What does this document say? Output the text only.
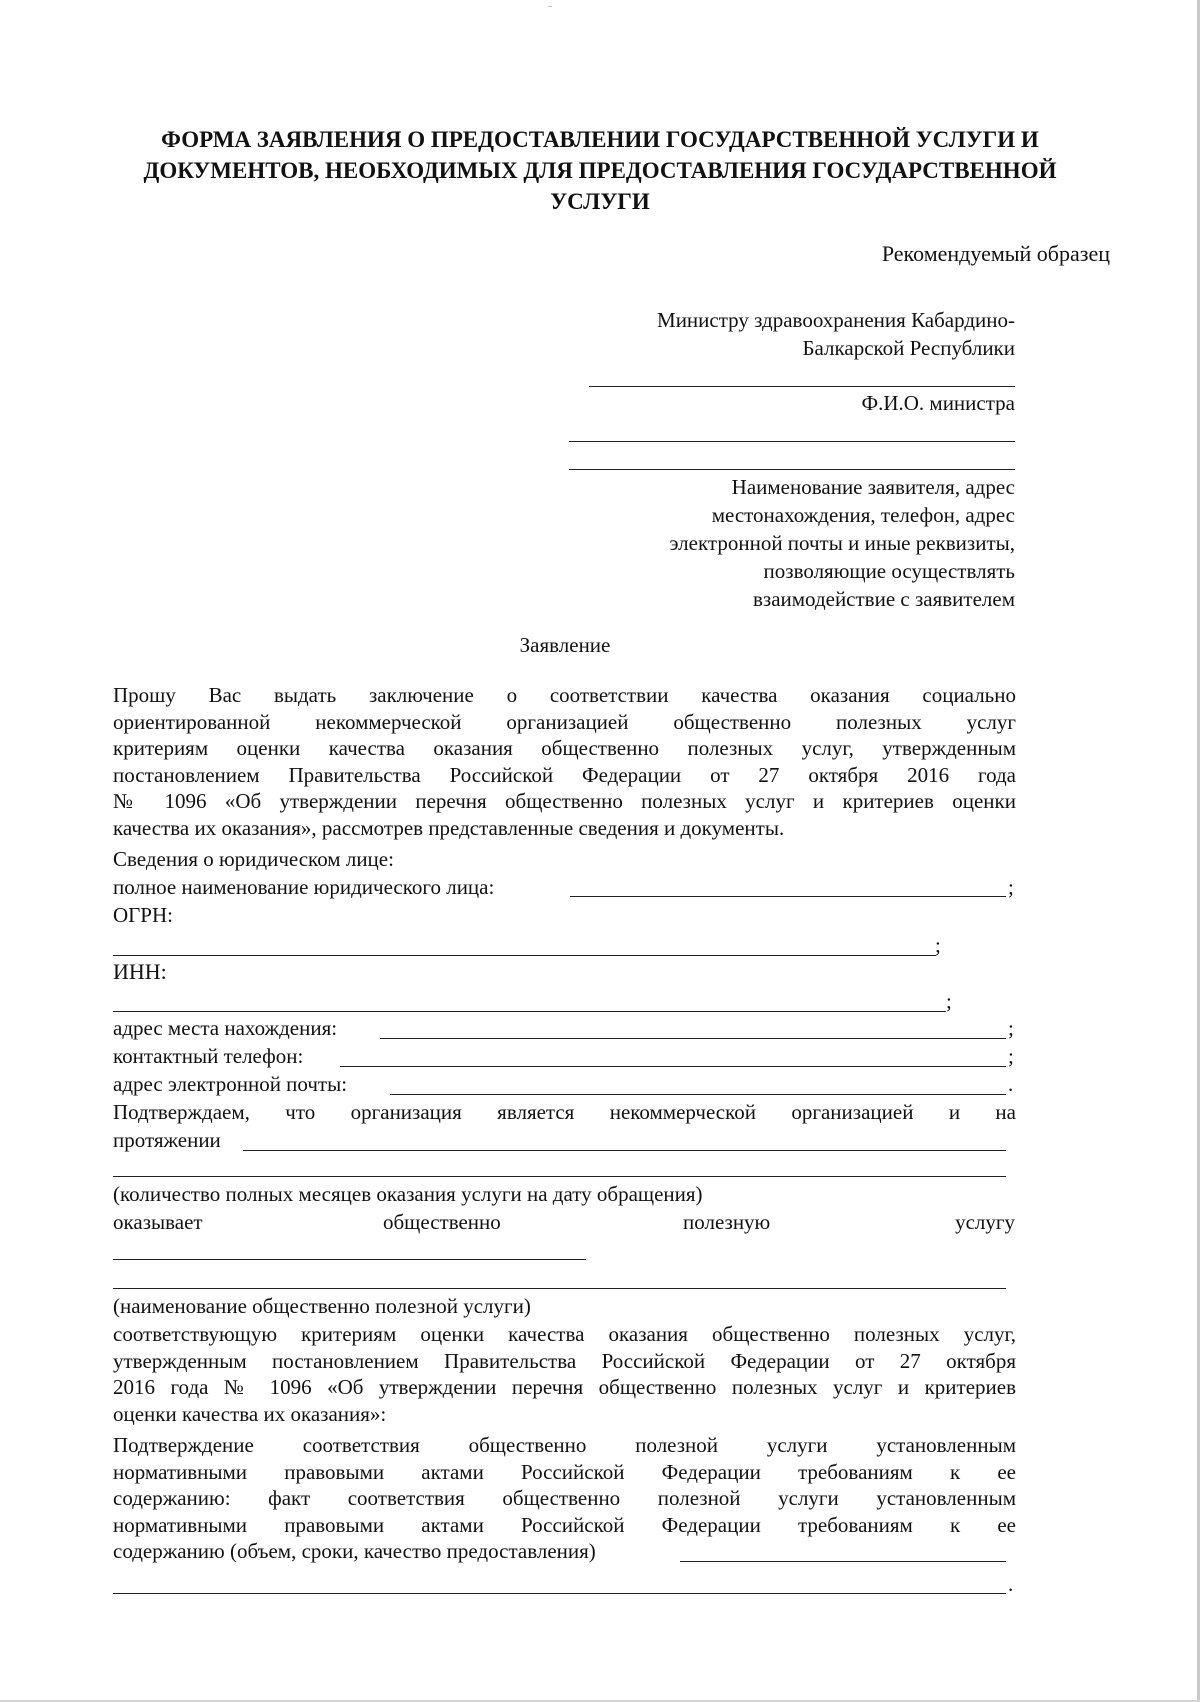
¨
ФОРМА ЗАЯВЛЕНИЯ О ПРЕДОСТАВЛЕНИИ ГОСУДАРСТВЕННОЙ УСЛУГИ И
ДОКУМЕНТОВ, НЕОБХОДИМЫХ ДЛЯ ПРЕДОСТАВЛЕНИЯ ГОСУДАРСТВЕННОЙ
УСЛУГИ
Рекомендуемый образец
Министру здравоохранения Кабардино-
Балкарской Республики
Ф.И.О. министра
Наименование заявителя, адрес
местонахождения, телефон, адрес
электронной почты и иные реквизиты,
позволяющие осуществлять
взаимодействие с заявителем
Заявление
Прошу Вас выдать заключение о соответствии качества оказания социально
ориентированной некоммерческой организацией общественно полезных услуг
критериям оценки качества оказания общественно полезных услуг, утвержденным
постановлением Правительства Российской Федерации от 27 октября 2016 года
№ 1096 «Об утверждении перечня общественно полезных услуг и критериев оценки
качества их оказания», рассмотрев представленные сведения и документы.
Сведения о юридическом лице:
полное наименование юридического лица:	;
ОГРН:
;
ИНН:
;
адрес места нахождения:	;
контактный телефон:	;
адрес электронной почты:	.
Подтверждаем, что организация является некоммерческой организацией и на
протяжении
(количество полных месяцев оказания услуги на дату обращения)
оказывает	общественно	полезную	услугу
(наименование общественно полезной услуги)
соответствующую критериям оценки качества оказания общественно полезных услуг,
утвержденным постановлением Правительства Российской Федерации от 27 октября
2016 года № 1096 «Об утверждении перечня общественно полезных услуг и критериев
оценки качества их оказания»:
Подтверждение соответствия общественно полезной услуги установленным
нормативными правовыми актами Российской Федерации требованиям к ее
содержанию: факт соответствия общественно полезной услуги установленным
нормативными правовыми актами Российской Федерации требованиям к ее
содержанию (объем, сроки, качество предоставления)
.
